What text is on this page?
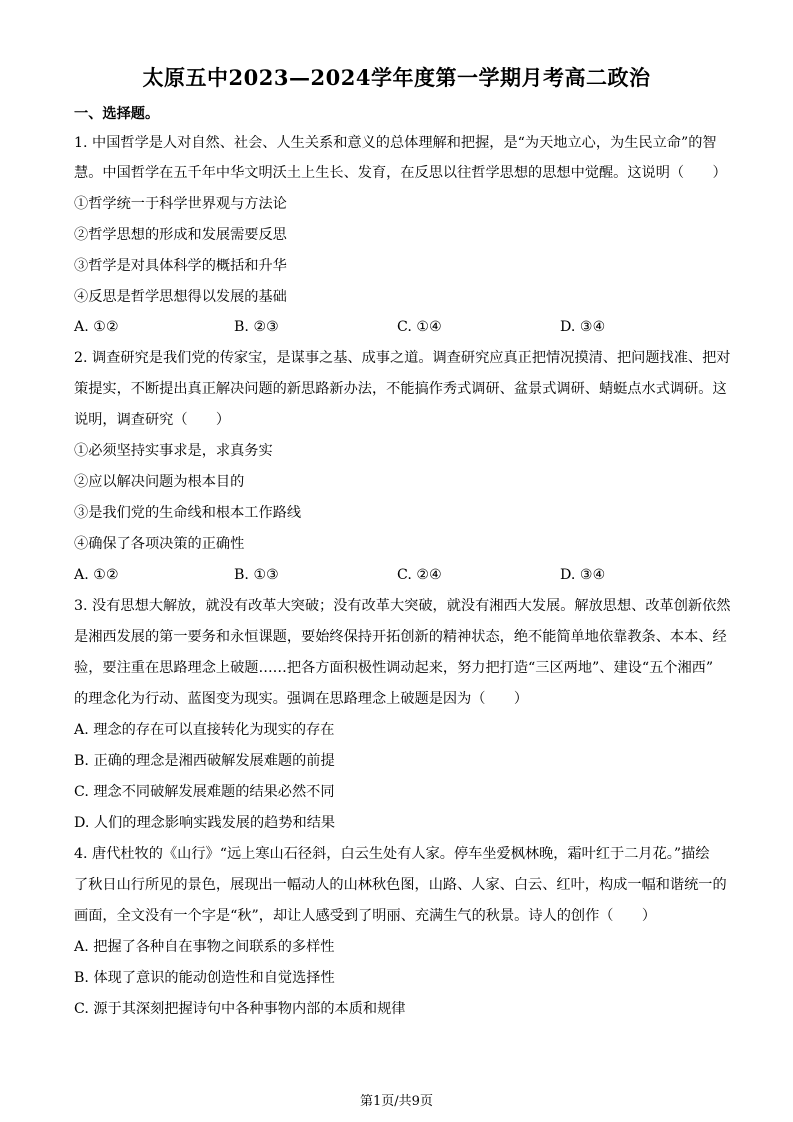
太原五中2023—2024学年度第一学期月考高二政治
一、选择题。
1. 中国哲学是人对自然、社会、人生关系和意义的总体理解和把握，是“为天地立心，为生民立命”的智
慧。中国哲学在五千年中华文明沃土上生长、发育，在反思以往哲学思想的思想中觉醒。这说明（　　）
①哲学统一于科学世界观与方法论
②哲学思想的形成和发展需要反思
③哲学是对具体科学的概括和升华
④反思是哲学思想得以发展的基础
A. ①②	B. ②③	C. ①④	D. ③④
2. 调查研究是我们党的传家宝，是谋事之基、成事之道。调查研究应真正把情况摸清、把问题找准、把对
策提实，不断提出真正解决问题的新思路新办法，不能搞作秀式调研、盆景式调研、蜻蜓点水式调研。这
说明，调查研究（　　）
①必须坚持实事求是，求真务实
②应以解决问题为根本目的
③是我们党的生命线和根本工作路线
④确保了各项决策的正确性
A. ①②	B. ①③	C. ②④	D. ③④
3. 没有思想大解放，就没有改革大突破；没有改革大突破，就没有湘西大发展。解放思想、改革创新依然
是湘西发展的第一要务和永恒课题，要始终保持开拓创新的精神状态，绝不能简单地依靠教条、本本、经
验，要注重在思路理念上破题……把各方面积极性调动起来，努力把打造“三区两地”、建设“五个湘西”
的理念化为行动、蓝图变为现实。强调在思路理念上破题是因为（　　）
A. 理念的存在可以直接转化为现实的存在
B. 正确的理念是湘西破解发展难题的前提
C. 理念不同破解发展难题的结果必然不同
D. 人们的理念影响实践发展的趋势和结果
4. 唐代杜牧的《山行》“远上寒山石径斜，白云生处有人家。停车坐爱枫林晚，霜叶红于二月花。”描绘
了秋日山行所见的景色，展现出一幅动人的山林秋色图，山路、人家、白云、红叶，构成一幅和谐统一的
画面，全文没有一个字是“秋”，却让人感受到了明丽、充满生气的秋景。诗人的创作（　　）
A. 把握了各种自在事物之间联系的多样性
B. 体现了意识的能动创造性和自觉选择性
C. 源于其深刻把握诗句中各种事物内部的本质和规律
第1页/共9页
